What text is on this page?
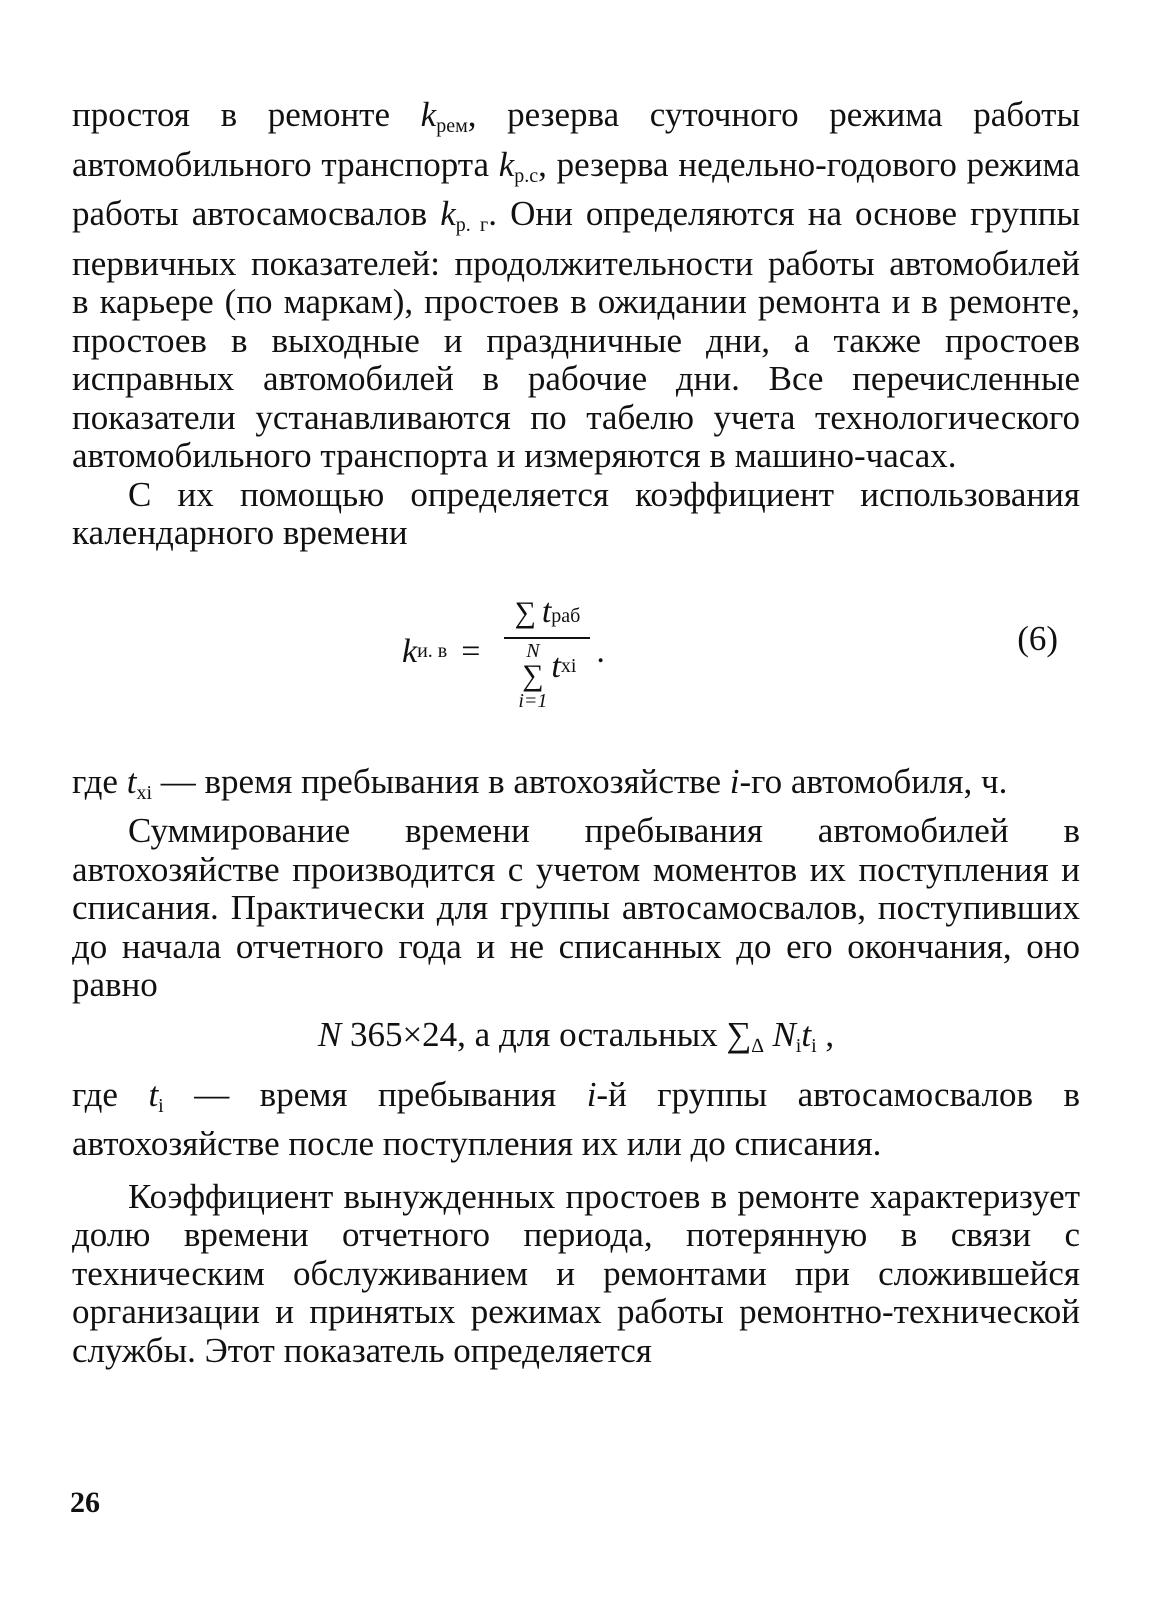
простоя в ремонте $k_{рем}$, резерва суточного режима работы автомобильного транспорта $k_{р.с}$, резерва недельно-годового режима работы автосамосвалов $k_{р. г}$. Они определяются на основе группы первичных показателей: продолжительности работы автомобилей в карьере (по маркам), простоев в ожидании ремонта и в ремонте, простоев в выходные и праздничные дни, а также простоев исправных автомобилей в рабочие дни. Все перечисленные показатели устанавливаются по табелю учета технологического автомобильного транспорта и измеряются в машино-часах.

С их помощью определяется коэффициент использования календарного времени

k и. в = ∑ t раб
N
∑
i=1
t xi .	(6)

где $t_{xi}$ — время пребывания в автохозяйстве i-го автомобиля, ч.

Суммирование времени пребывания автомобилей в автохозяйстве производится с учетом моментов их поступления и списания. Практически для группы автосамосвалов, поступивших до начала отчетного года и не списанных до его окончания, оно равно

N 365×24, а для остальных $\sum_\Delta$ $N_it_i$ ,

где $t_i$ — время пребывания i-й группы автосамосвалов в автохозяйстве после поступления их или до списания.

Коэффициент вынужденных простоев в ремонте характеризует долю времени отчетного периода, потерянную в связи с техническим обслуживанием и ремонтами при сложившейся организации и принятых режимах работы ремонтно-технической службы. Этот показатель определяется

26
